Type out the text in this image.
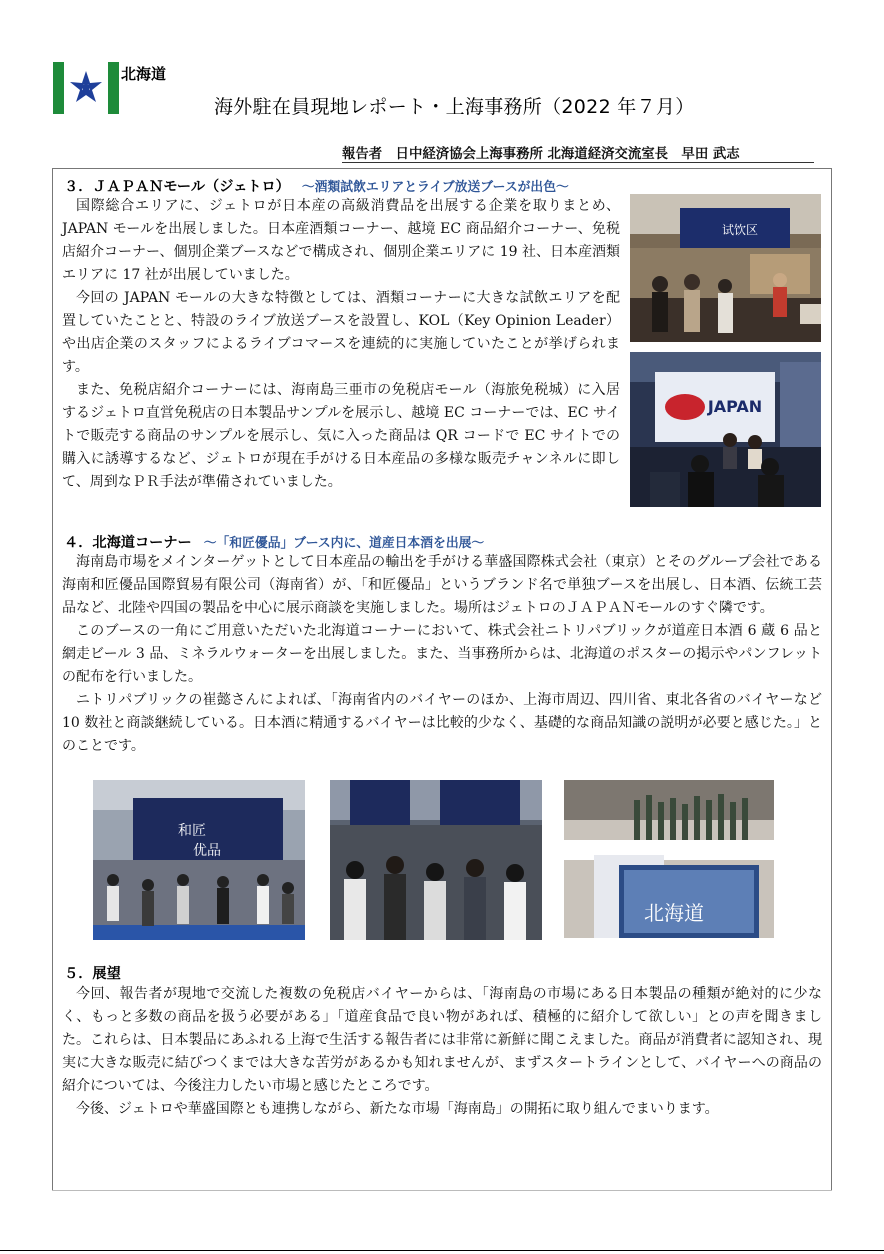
北海道
海外駐在員現地レポート・上海事務所（2022 年７月）
報告者　日中経済協会上海事務所 北海道経済交流室長　早田 武志
３．ＪＡＰＡＮモール（ジェトロ） ～酒類試飲エリアとライブ放送ブースが出色～

国際総合エリアに、ジェトロが日本産の高級消費品を出展する企業を取りまとめ、JAPAN モールを出展しました。日本産酒類コーナー、越境 EC 商品紹介コーナー、免税店紹介コーナー、個別企業ブースなどで構成され、個別企業エリアに 19 社、日本産酒類エリアに 17 社が出展していました。

今回の JAPAN モールの大きな特徴としては、酒類コーナーに大きな試飲エリアを配置していたことと、特設のライブ放送ブースを設置し、KOL（Key Opinion Leader）や出店企業のスタッフによるライブコマースを連続的に実施していたことが挙げられます。

また、免税店紹介コーナーには、海南島三亜市の免税店モール（海旅免税城）に入居するジェトロ直営免税店の日本製品サンプルを展示し、越境 EC コーナーでは、EC サイトで販売する商品のサンプルを展示し、気に入った商品は QR コードで EC サイトでの購入に誘導するなど、ジェトロが現在手がける日本産品の多様な販売チャンネルに即して、周到なＰＲ手法が準備されていました。

试饮区
JAPAN
４．北海道コーナー ～「和匠優品」ブース内に、道産日本酒を出展～

海南島市場をメインターゲットとして日本産品の輸出を手がける華盛国際株式会社（東京）とそのグループ会社である海南和匠優品国際貿易有限公司（海南省）が、「和匠優品」というブランド名で単独ブースを出展し、日本酒、伝統工芸品など、北陸や四国の製品を中心に展示商談を実施しました。場所はジェトロのＪＡＰＡＮモールのすぐ隣です。

このブースの一角にご用意いただいた北海道コーナーにおいて、株式会社ニトリパブリックが道産日本酒 6 蔵 6 品と網走ビール 3 品、ミネラルウォーターを出展しました。また、当事務所からは、北海道のポスターの掲示やパンフレットの配布を行いました。

ニトリパブリックの崔懿さんによれば、「海南省内のバイヤーのほか、上海市周辺、四川省、東北各省のバイヤーなど 10 数社と商談継続している。日本酒に精通するバイヤーは比較的少なく、基礎的な商品知識の説明が必要と感じた。」とのことです。

和匠
优品
北海道
５．展望

今回、報告者が現地で交流した複数の免税店バイヤーからは、「海南島の市場にある日本製品の種類が絶対的に少なく、もっと多数の商品を扱う必要がある」「道産食品で良い物があれば、積極的に紹介して欲しい」との声を聞きました。これらは、日本製品にあふれる上海で生活する報告者には非常に新鮮に聞こえました。商品が消費者に認知され、現実に大きな販売に結びつくまでは大きな苦労があるかも知れませんが、まずスタートラインとして、バイヤーへの商品の紹介については、今後注力したい市場と感じたところです。

今後、ジェトロや華盛国際とも連携しながら、新たな市場「海南島」の開拓に取り組んでまいります。
